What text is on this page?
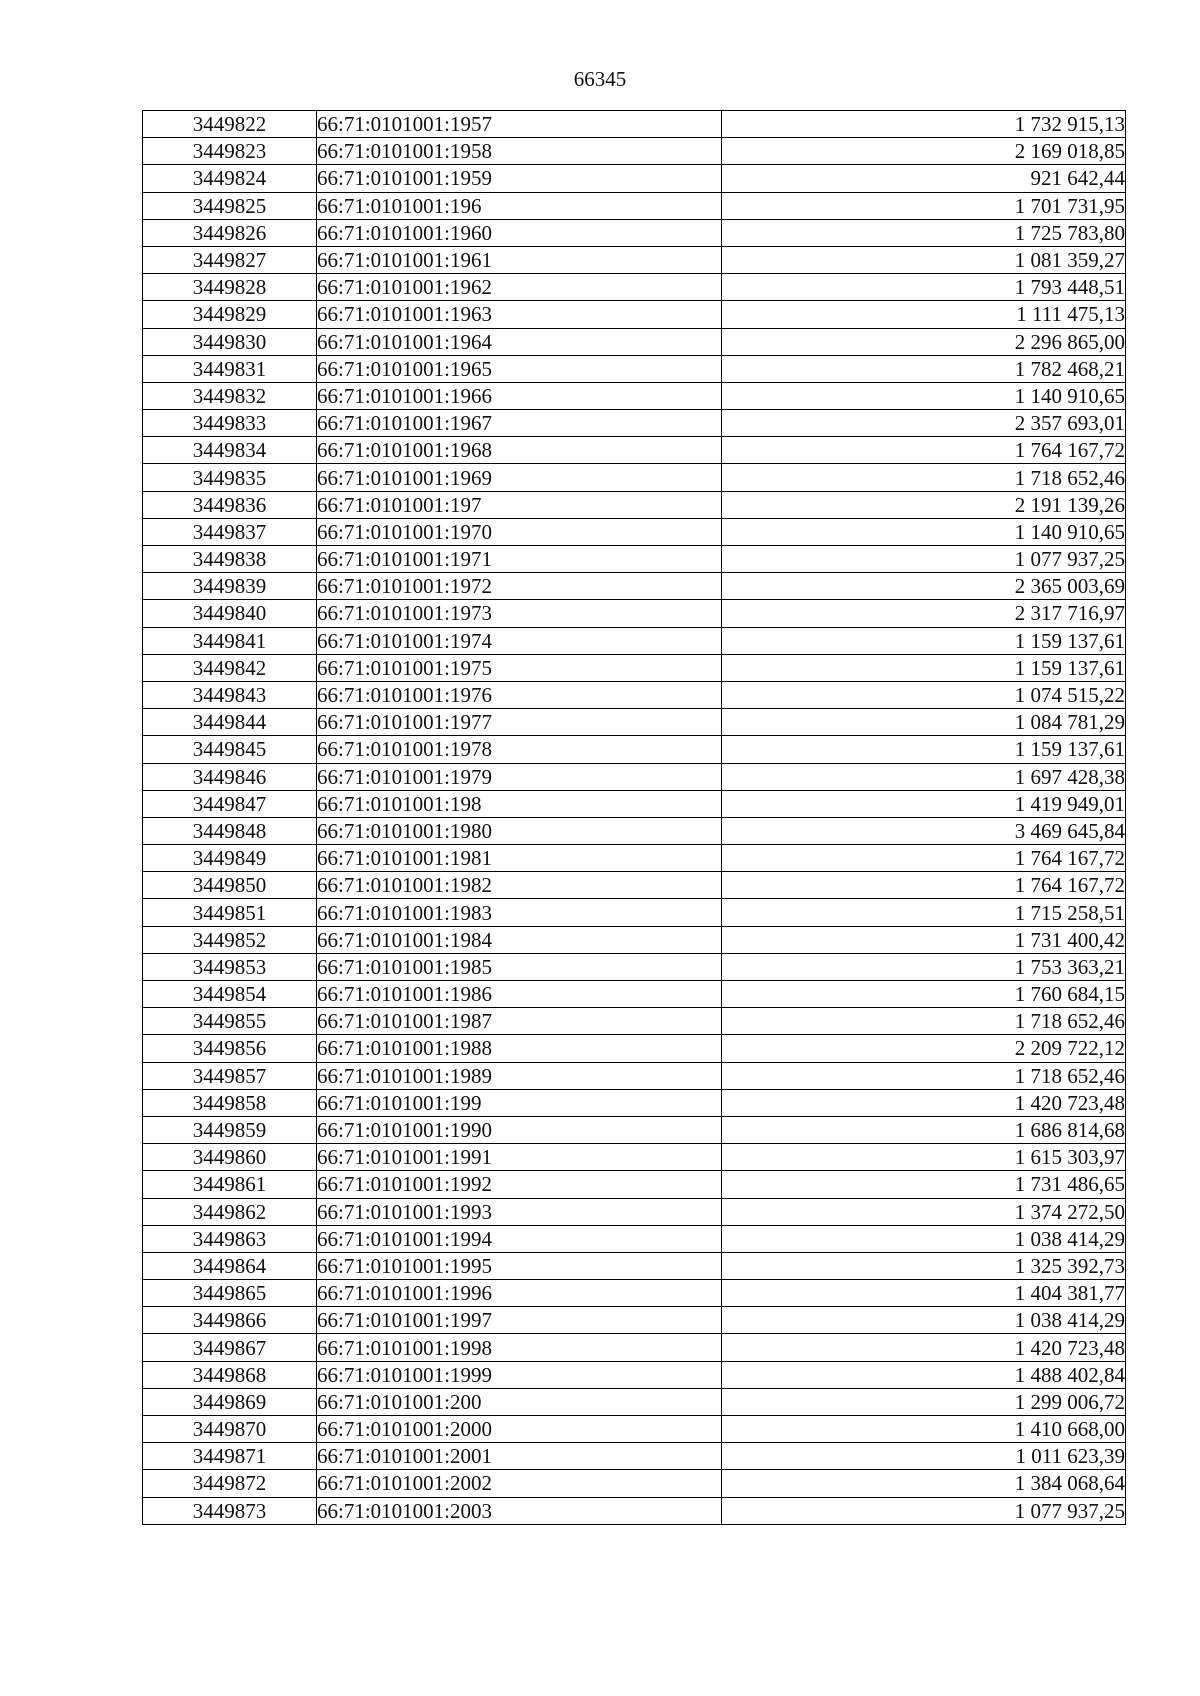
66345
3449822	66:71:0101001:1957	1 732 915,13
3449823	66:71:0101001:1958	2 169 018,85
3449824	66:71:0101001:1959	921 642,44
3449825	66:71:0101001:196	1 701 731,95
3449826	66:71:0101001:1960	1 725 783,80
3449827	66:71:0101001:1961	1 081 359,27
3449828	66:71:0101001:1962	1 793 448,51
3449829	66:71:0101001:1963	1 111 475,13
3449830	66:71:0101001:1964	2 296 865,00
3449831	66:71:0101001:1965	1 782 468,21
3449832	66:71:0101001:1966	1 140 910,65
3449833	66:71:0101001:1967	2 357 693,01
3449834	66:71:0101001:1968	1 764 167,72
3449835	66:71:0101001:1969	1 718 652,46
3449836	66:71:0101001:197	2 191 139,26
3449837	66:71:0101001:1970	1 140 910,65
3449838	66:71:0101001:1971	1 077 937,25
3449839	66:71:0101001:1972	2 365 003,69
3449840	66:71:0101001:1973	2 317 716,97
3449841	66:71:0101001:1974	1 159 137,61
3449842	66:71:0101001:1975	1 159 137,61
3449843	66:71:0101001:1976	1 074 515,22
3449844	66:71:0101001:1977	1 084 781,29
3449845	66:71:0101001:1978	1 159 137,61
3449846	66:71:0101001:1979	1 697 428,38
3449847	66:71:0101001:198	1 419 949,01
3449848	66:71:0101001:1980	3 469 645,84
3449849	66:71:0101001:1981	1 764 167,72
3449850	66:71:0101001:1982	1 764 167,72
3449851	66:71:0101001:1983	1 715 258,51
3449852	66:71:0101001:1984	1 731 400,42
3449853	66:71:0101001:1985	1 753 363,21
3449854	66:71:0101001:1986	1 760 684,15
3449855	66:71:0101001:1987	1 718 652,46
3449856	66:71:0101001:1988	2 209 722,12
3449857	66:71:0101001:1989	1 718 652,46
3449858	66:71:0101001:199	1 420 723,48
3449859	66:71:0101001:1990	1 686 814,68
3449860	66:71:0101001:1991	1 615 303,97
3449861	66:71:0101001:1992	1 731 486,65
3449862	66:71:0101001:1993	1 374 272,50
3449863	66:71:0101001:1994	1 038 414,29
3449864	66:71:0101001:1995	1 325 392,73
3449865	66:71:0101001:1996	1 404 381,77
3449866	66:71:0101001:1997	1 038 414,29
3449867	66:71:0101001:1998	1 420 723,48
3449868	66:71:0101001:1999	1 488 402,84
3449869	66:71:0101001:200	1 299 006,72
3449870	66:71:0101001:2000	1 410 668,00
3449871	66:71:0101001:2001	1 011 623,39
3449872	66:71:0101001:2002	1 384 068,64
3449873	66:71:0101001:2003	1 077 937,25
